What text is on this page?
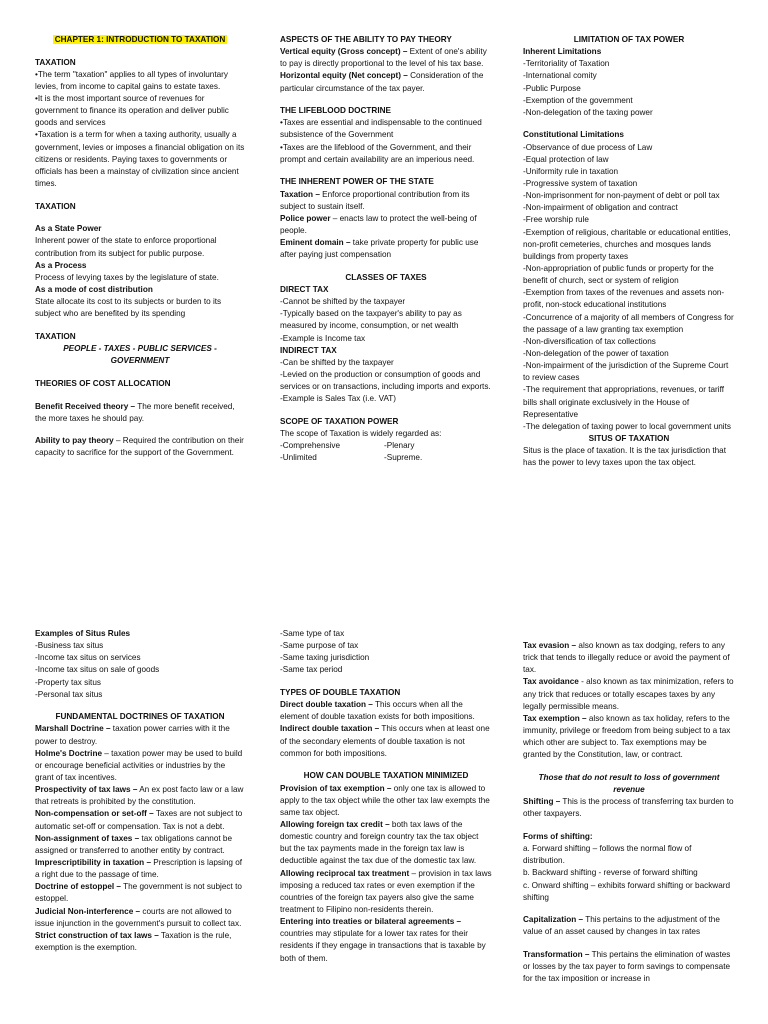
CHAPTER 1: INTRODUCTION TO TAXATION

TAXATION

•The term "taxation" applies to all types of involuntary levies, from income to capital gains to estate taxes.

•It is the most important source of revenues for government to finance its operation and deliver public goods and services

•Taxation is a term for when a taxing authority, usually a government, levies or imposes a financial obligation on its citizens or residents. Paying taxes to governments or officials has been a mainstay of civilization since ancient times.

TAXATION

As a State Power

Inherent power of the state to enforce proportional contribution from its subject for public purpose.

As a Process

Process of levying taxes by the legislature of state.

As a mode of cost distribution

State allocate its cost to its subjects or burden to its subject who are benefited by its spending

TAXATION

PEOPLE - TAXES - PUBLIC SERVICES - GOVERNMENT

THEORIES OF COST ALLOCATION

Benefit Received theory – The more benefit received, the more taxes he should pay.

Ability to pay theory – Required the contribution on their capacity to sacrifice for the support of the Government.

ASPECTS OF THE ABILITY TO PAY THEORY

Vertical equity (Gross concept) – Extent of one's ability to pay is directly proportional to the level of his tax base.

Horizontal equity (Net concept) – Consideration of the particular circumstance of the tax payer.

THE LIFEBLOOD DOCTRINE

•Taxes are essential and indispensable to the continued subsistence of the Government

•Taxes are the lifeblood of the Government, and their prompt and certain availability are an imperious need.

THE INHERENT POWER OF THE STATE

Taxation – Enforce proportional contribution from its subject to sustain itself.

Police power – enacts law to protect the well-being of people.

Eminent domain – take private property for public use after paying just compensation

CLASSES OF TAXES

DIRECT TAX

-Cannot be shifted by the taxpayer

-Typically based on the taxpayer's ability to pay as measured by income, consumption, or net wealth

-Example is Income tax

INDIRECT TAX

-Can be shifted by the taxpayer

-Levied on the production or consumption of goods and services or on transactions, including imports and exports.

-Example is Sales Tax (i.e. VAT)

SCOPE OF TAXATION POWER

The scope of Taxation is widely regarded as:

-Comprehensive	-Plenary
-Unlimited	-Supreme.

LIMITATION OF TAX POWER

Inherent Limitations

-Territoriality of Taxation

-International comity

-Public Purpose

-Exemption of the government

-Non-delegation of the taxing power

Constitutional Limitations

-Observance of due process of Law

-Equal protection of law

-Uniformity rule in taxation

-Progressive system of taxation

-Non-imprisonment for non-payment of debt or poll tax

-Non-impairment of obligation and contract

-Free worship rule

-Exemption of religious, charitable or educational entities, non-profit cemeteries, churches and mosques lands buildings from property taxes

-Non-appropriation of public funds or property for the benefit of church, sect or system of religion

-Exemption from taxes of the revenues and assets non-profit, non-stock educational institutions

-Concurrence of a majority of all members of Congress for the passage of a law granting tax exemption

-Non-diversification of tax collections

-Non-delegation of the power of taxation

-Non-impairment of the jurisdiction of the Supreme Court to review cases

-The requirement that appropriations, revenues, or tariff bills shall originate exclusively in the House of Representative

-The delegation of taxing power to local government units

SITUS OF TAXATION

Situs is the place of taxation. It is the tax jurisdiction that has the power to levy taxes upon the tax object.

Examples of Situs Rules

-Business tax situs

-Income tax situs on services

-Income tax situs on sale of goods

-Property tax situs

-Personal tax situs

FUNDAMENTAL DOCTRINES OF TAXATION

Marshall Doctrine – taxation power carries with it the power to destroy.

Holme's Doctrine – taxation power may be used to build or encourage beneficial activities or industries by the grant of tax incentives.

Prospectivity of tax laws – An ex post facto law or a law that retreats is prohibited by the constitution.

Non-compensation or set-off – Taxes are not subject to automatic set-off or compensation. Tax is not a debt.

Non-assignment of taxes – tax obligations cannot be assigned or transferred to another entity by contract.

Imprescriptibility in taxation – Prescription is lapsing of a right due to the passage of time.

Doctrine of estoppel – The government is not subject to estoppel.

Judicial Non-interference – courts are not allowed to issue injunction in the government's pursuit to collect tax.

Strict construction of tax laws – Taxation is the rule, exemption is the exemption.

-Same type of tax

-Same purpose of tax

-Same taxing jurisdiction

-Same tax period

TYPES OF DOUBLE TAXATION

Direct double taxation – This occurs when all the element of double taxation exists for both impositions.

Indirect double taxation – This occurs when at least one of the secondary elements of double taxation is not common for both impositions.

HOW CAN DOUBLE TAXATION MINIMIZED

Provision of tax exemption – only one tax is allowed to apply to the tax object while the other tax law exempts the same tax object.

Allowing foreign tax credit – both tax laws of the domestic country and foreign country tax the tax object but the tax payments made in the foreign tax law is deductible against the tax due of the domestic tax law.

Allowing reciprocal tax treatment – provision in tax laws imposing a reduced tax rates or even exemption if the countries of the foreign tax payers also give the same treatment to Filipino non-residents therein.

Entering into treaties or bilateral agreements – countries may stipulate for a lower tax rates for their residents if they engage in transactions that is taxable by both of them.

Tax evasion – also known as tax dodging, refers to any trick that tends to illegally reduce or avoid the payment of tax.

Tax avoidance - also known as tax minimization, refers to any trick that reduces or totally escapes taxes by any legally permissible means.

Tax exemption – also known as tax holiday, refers to the immunity, privilege or freedom from being subject to a tax which other are subject to. Tax exemptions may be granted by the Constitution, law, or contract.

Those that do not result to loss of government revenue

Shifting – This is the process of transferring tax burden to other taxpayers.

Forms of shifting:

a. Forward shifting – follows the normal flow of distribution.

b. Backward shifting - reverse of forward shifting

c. Onward shifting – exhibits forward shifting or backward shifting

Capitalization – This pertains to the adjustment of the value of an asset caused by changes in tax rates

Transformation – This pertains the elimination of wastes or losses by the tax payer to form savings to compensate for the tax imposition or increase in
